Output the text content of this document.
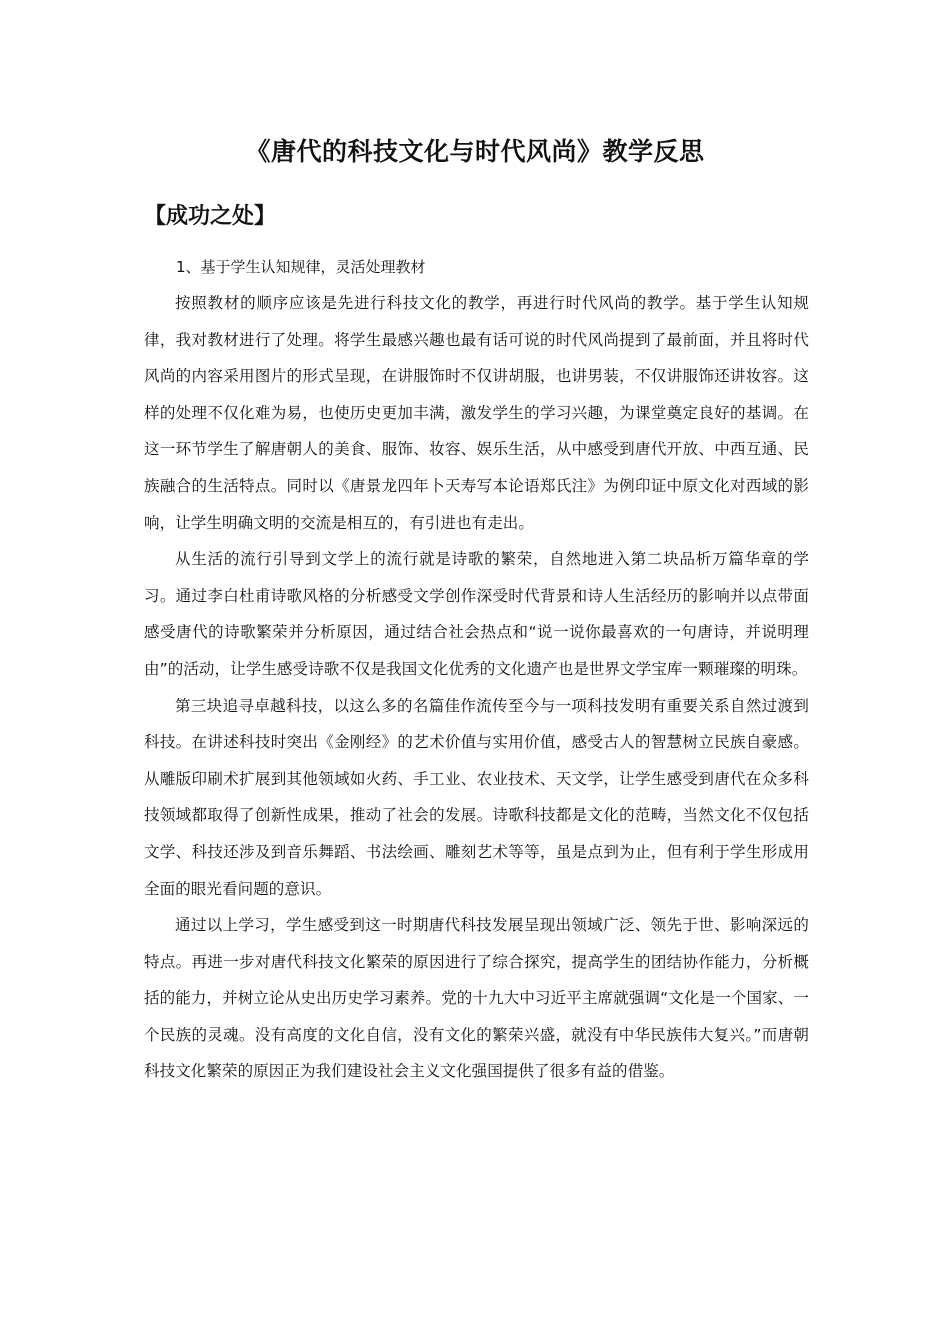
《唐代的科技文化与时代风尚》教学反思
【成功之处】

1、基于学生认知规律，灵活处理教材

按照教材的顺序应该是先进行科技文化的教学，再进行时代风尚的教学。基于学生认知规律，我对教材进行了处理。将学生最感兴趣也最有话可说的时代风尚提到了最前面，并且将时代风尚的内容采用图片的形式呈现，在讲服饰时不仅讲胡服，也讲男装，不仅讲服饰还讲妆容。这样的处理不仅化难为易，也使历史更加丰满，激发学生的学习兴趣，为课堂奠定良好的基调。在这一环节学生了解唐朝人的美食、服饰、妆容、娱乐生活，从中感受到唐代开放、中西互通、民族融合的生活特点。同时以《唐景龙四年卜天寿写本论语郑氏注》为例印证中原文化对西域的影响，让学生明确文明的交流是相互的，有引进也有走出。

从生活的流行引导到文学上的流行就是诗歌的繁荣，自然地进入第二块品析万篇华章的学习。通过李白杜甫诗歌风格的分析感受文学创作深受时代背景和诗人生活经历的影响并以点带面感受唐代的诗歌繁荣并分析原因，通过结合社会热点和“说一说你最喜欢的一句唐诗，并说明理由”的活动，让学生感受诗歌不仅是我国文化优秀的文化遗产也是世界文学宝库一颗璀璨的明珠。

第三块追寻卓越科技，以这么多的名篇佳作流传至今与一项科技发明有重要关系自然过渡到科技。在讲述科技时突出《金刚经》的艺术价值与实用价值，感受古人的智慧树立民族自豪感。从雕版印刷术扩展到其他领域如火药、手工业、农业技术、天文学，让学生感受到唐代在众多科技领域都取得了创新性成果，推动了社会的发展。诗歌科技都是文化的范畴，当然文化不仅包括文学、科技还涉及到音乐舞蹈、书法绘画、雕刻艺术等等，虽是点到为止，但有利于学生形成用全面的眼光看问题的意识。

通过以上学习，学生感受到这一时期唐代科技发展呈现出领域广泛、领先于世、影响深远的特点。再进一步对唐代科技文化繁荣的原因进行了综合探究，提高学生的团结协作能力，分析概括的能力，并树立论从史出历史学习素养。党的十九大中习近平主席就强调“文化是一个国家、一个民族的灵魂。没有高度的文化自信，没有文化的繁荣兴盛，就没有中华民族伟大复兴。”而唐朝科技文化繁荣的原因正为我们建设社会主义文化强国提供了很多有益的借鉴。
